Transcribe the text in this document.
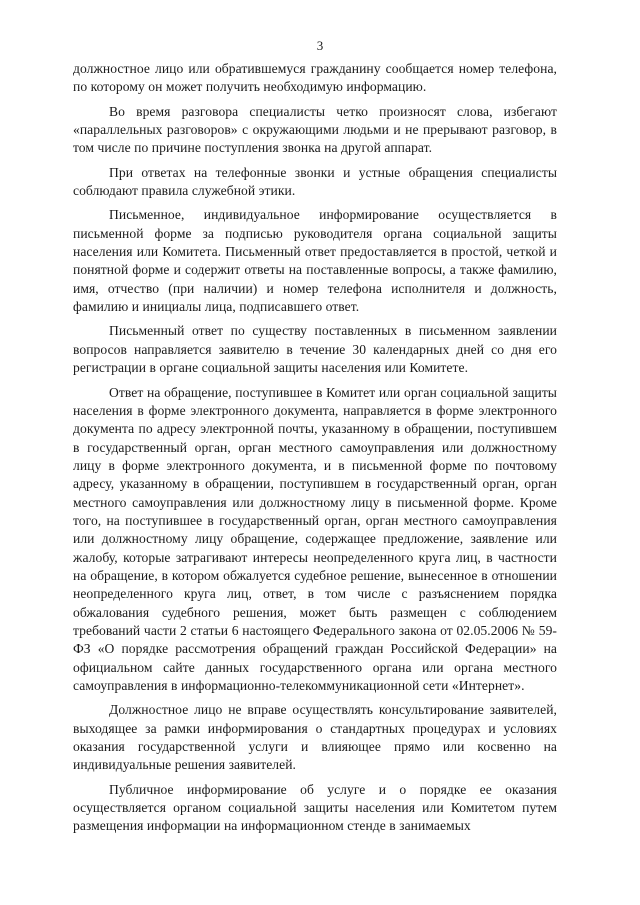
3

должностное лицо или обратившемуся гражданину сообщается номер телефона, по которому он может получить необходимую информацию.

Во время разговора специалисты четко произносят слова, избегают «параллельных разговоров» с окружающими людьми и не прерывают разговор, в том числе по причине поступления звонка на другой аппарат.

При ответах на телефонные звонки и устные обращения специалисты соблюдают правила служебной этики.

Письменное, индивидуальное информирование осуществляется в письменной форме за подписью руководителя органа социальной защиты населения или Комитета. Письменный ответ предоставляется в простой, четкой и понятной форме и содержит ответы на поставленные вопросы, а также фамилию, имя, отчество (при наличии) и номер телефона исполнителя и должность, фамилию и инициалы лица, подписавшего ответ.

Письменный ответ по существу поставленных в письменном заявлении вопросов направляется заявителю в течение 30 календарных дней со дня его регистрации в органе социальной защиты населения или Комитете.

Ответ на обращение, поступившее в Комитет или орган социальной защиты населения в форме электронного документа, направляется в форме электронного документа по адресу электронной почты, указанному в обращении, поступившем в государственный орган, орган местного самоуправления или должностному лицу в форме электронного документа, и в письменной форме по почтовому адресу, указанному в обращении, поступившем в государственный орган, орган местного самоуправления или должностному лицу в письменной форме. Кроме того, на поступившее в государственный орган, орган местного самоуправления или должностному лицу обращение, содержащее предложение, заявление или жалобу, которые затрагивают интересы неопределенного круга лиц, в частности на обращение, в котором обжалуется судебное решение, вынесенное в отношении неопределенного круга лиц, ответ, в том числе с разъяснением порядка обжалования судебного решения, может быть размещен с соблюдением требований части 2 статьи 6 настоящего Федерального закона от 02.05.2006 № 59-ФЗ «О порядке рассмотрения обращений граждан Российской Федерации» на официальном сайте данных государственного органа или органа местного самоуправления в информационно-телекоммуникационной сети «Интернет».

Должностное лицо не вправе осуществлять консультирование заявителей, выходящее за рамки информирования о стандартных процедурах и условиях оказания государственной услуги и влияющее прямо или косвенно на индивидуальные решения заявителей.

Публичное информирование об услуге и о порядке ее оказания осуществляется органом социальной защиты населения или Комитетом путем размещения информации на информационном стенде в занимаемых
